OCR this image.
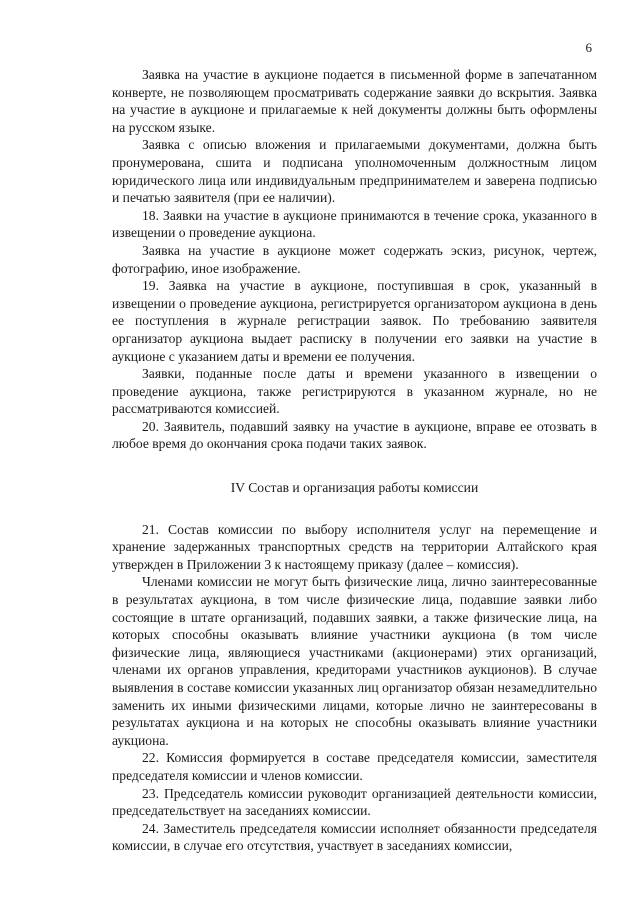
6

Заявка на участие в аукционе подается в письменной форме в запечатанном конверте, не позволяющем просматривать содержание заявки до вскрытия. Заявка на участие в аукционе и прилагаемые к ней документы должны быть оформлены на русском языке.

Заявка с описью вложения и прилагаемыми документами, должна быть пронумерована, сшита и подписана уполномоченным должностным лицом юридического лица или индивидуальным предпринимателем и заверена подписью и печатью заявителя (при ее наличии).

18. Заявки на участие в аукционе принимаются в течение срока, указанного в извещении о проведение аукциона.

Заявка на участие в аукционе может содержать эскиз, рисунок, чертеж, фотографию, иное изображение.

19. Заявка на участие в аукционе, поступившая в срок, указанный в извещении о проведение аукциона, регистрируется организатором аукциона в день ее поступления в журнале регистрации заявок. По требованию заявителя организатор аукциона выдает расписку в получении его заявки на участие в аукционе с указанием даты и времени ее получения.

Заявки, поданные после даты и времени указанного в извещении о проведение аукциона, также регистрируются в указанном журнале, но не рассматриваются комиссией.

20. Заявитель, подавший заявку на участие в аукционе, вправе ее отозвать в любое время до окончания срока подачи таких заявок.

IV Состав и организация работы комиссии

21. Состав комиссии по выбору исполнителя услуг на перемещение и хранение задержанных транспортных средств на территории Алтайского края утвержден в Приложении 3 к настоящему приказу (далее – комиссия).

Членами комиссии не могут быть физические лица, лично заинтересованные в результатах аукциона, в том числе физические лица, подавшие заявки либо состоящие в штате организаций, подавших заявки, а также физические лица, на которых способны оказывать влияние участники аукциона (в том числе физические лица, являющиеся участниками (акционерами) этих организаций, членами их органов управления, кредиторами участников аукционов). В случае выявления в составе комиссии указанных лиц организатор обязан незамедлительно заменить их иными физическими лицами, которые лично не заинтересованы в результатах аукциона и на которых не способны оказывать влияние участники аукциона.

22. Комиссия формируется в составе председателя комиссии, заместителя председателя комиссии и членов комиссии.

23. Председатель комиссии руководит организацией деятельности комиссии, председательствует на заседаниях комиссии.

24. Заместитель председателя комиссии исполняет обязанности председателя комиссии, в случае его отсутствия, участвует в заседаниях комиссии,
